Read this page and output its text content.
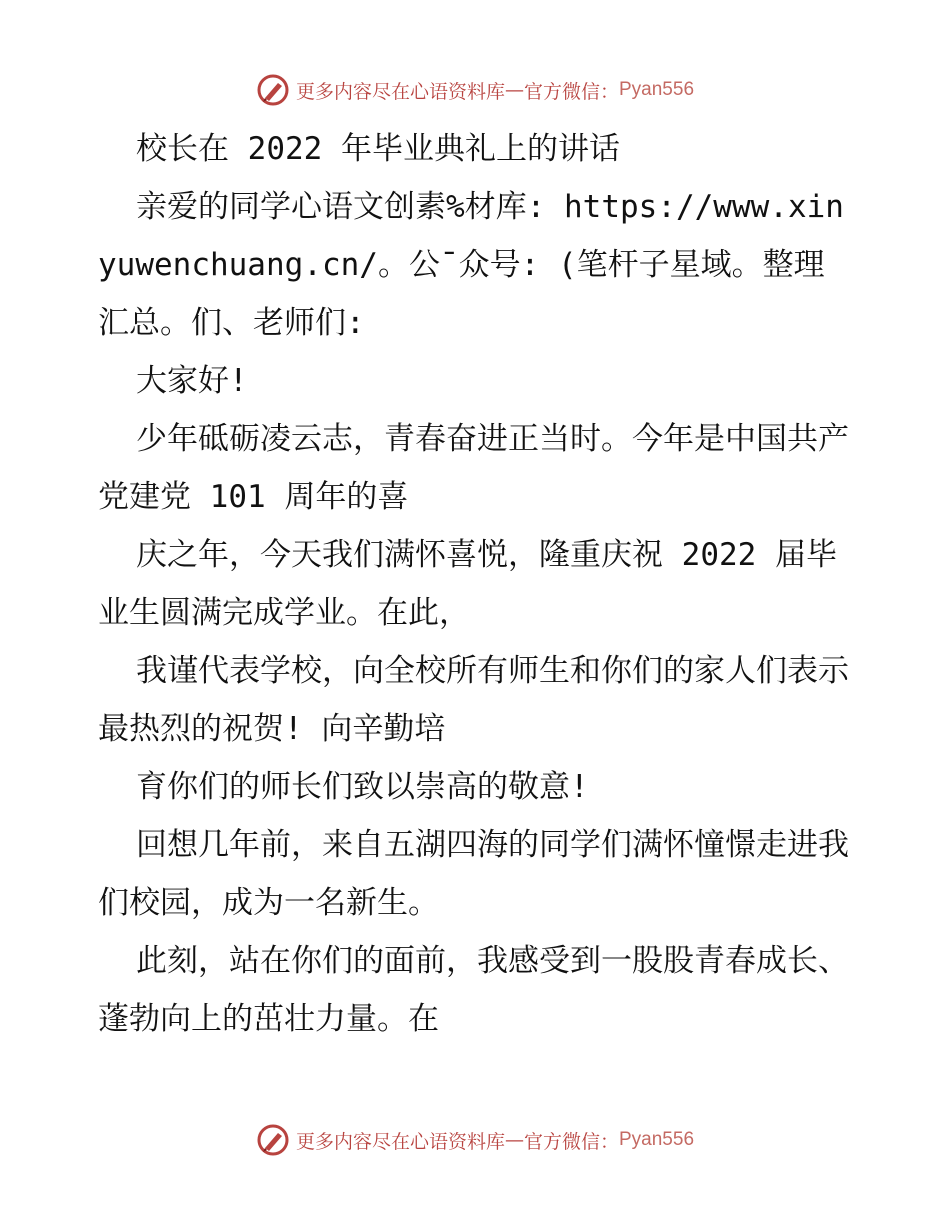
更多内容尽在心语资料库 — 官方微信： Pyan556

校长在 2022 年毕业典礼上的讲话

亲爱的同学心语文创素%材库: https://www.xinyuwenchuang.cn/。公¯众号: (笔杆子星域。整理汇总。们、老师们:

大家好!

少年砥砺凌云志，青春奋进正当时。今年是中国共产党建党 101 周年的喜

庆之年，今天我们满怀喜悦，隆重庆祝 2022 届毕业生圆满完成学业。在此，

我谨代表学校，向全校所有师生和你们的家人们表示最热烈的祝贺! 向辛勤培

育你们的师长们致以崇高的敬意!

回想几年前，来自五湖四海的同学们满怀憧憬走进我们校园，成为一名新生。

此刻，站在你们的面前，我感受到一股股青春成长、蓬勃向上的茁壮力量。在

更多内容尽在心语资料库 — 官方微信： Pyan556
